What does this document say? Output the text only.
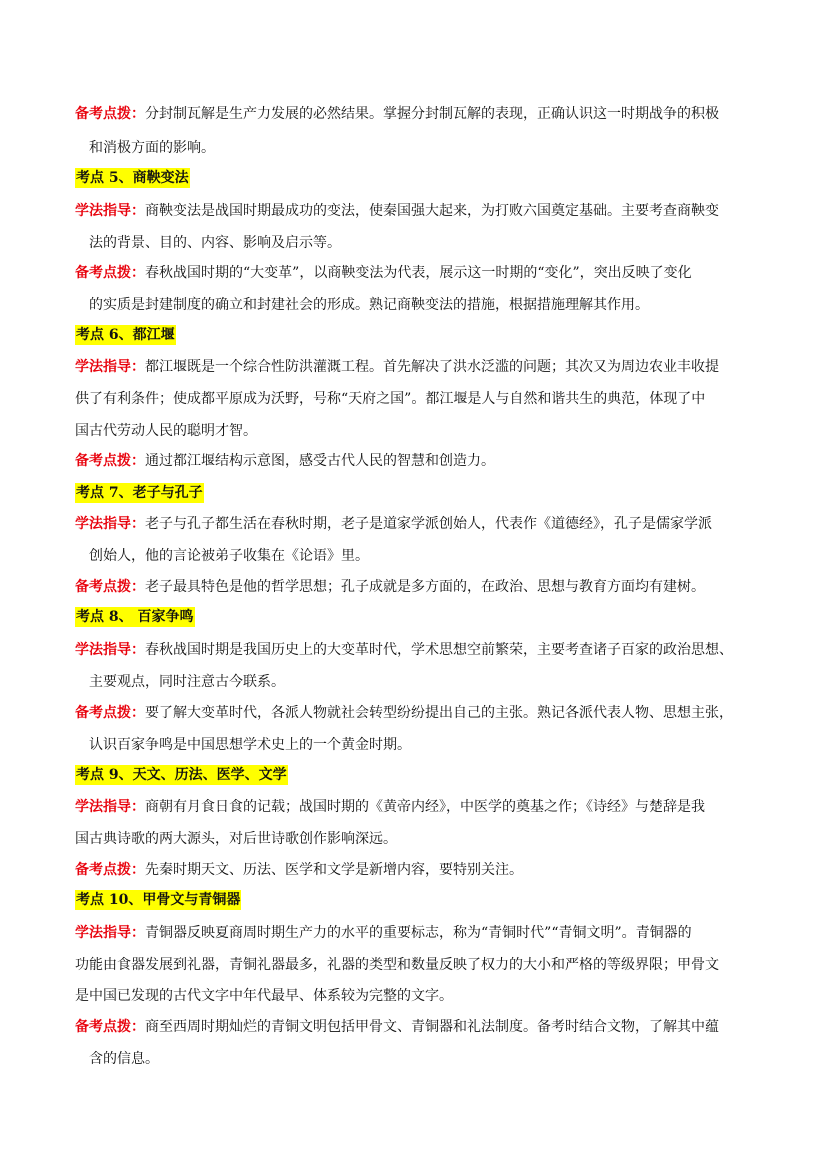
备考点拨：分封制瓦解是生产力发展的必然结果。掌握分封制瓦解的表现，正确认识这一时期战争的积极
和消极方面的影响。
考点 5、商鞅变法
学法指导：商鞅变法是战国时期最成功的变法，使秦国强大起来，为打败六国奠定基础。主要考查商鞅变
法的背景、目的、内容、影响及启示等。
备考点拨：春秋战国时期的“大变革”，以商鞅变法为代表，展示这一时期的“变化”，突出反映了变化
的实质是封建制度的确立和封建社会的形成。熟记商鞅变法的措施，根据措施理解其作用。
考点 6、都江堰
学法指导：都江堰既是一个综合性防洪灌溉工程。首先解决了洪水泛滥的问题；其次又为周边农业丰收提
供了有利条件；使成都平原成为沃野，号称“天府之国”。都江堰是人与自然和谐共生的典范，体现了中
国古代劳动人民的聪明才智。
备考点拨：通过都江堰结构示意图，感受古代人民的智慧和创造力。
考点 7、老子与孔子
学法指导：老子与孔子都生活在春秋时期，老子是道家学派创始人，代表作《道德经》，孔子是儒家学派
创始人，他的言论被弟子收集在《论语》里。
备考点拨：老子最具特色是他的哲学思想；孔子成就是多方面的，在政治、思想与教育方面均有建树。
考点 8、 百家争鸣
学法指导：春秋战国时期是我国历史上的大变革时代，学术思想空前繁荣，主要考查诸子百家的政治思想、
主要观点，同时注意古今联系。
备考点拨：要了解大变革时代，各派人物就社会转型纷纷提出自己的主张。熟记各派代表人物、思想主张，
认识百家争鸣是中国思想学术史上的一个黄金时期。
考点 9、天文、历法、医学、文学
学法指导：商朝有月食日食的记载；战国时期的《黄帝内经》，中医学的奠基之作；《诗经》与楚辞是我
国古典诗歌的两大源头，对后世诗歌创作影响深远。
备考点拨：先秦时期天文、历法、医学和文学是新增内容，要特别关注。
考点 10、甲骨文与青铜器
学法指导：青铜器反映夏商周时期生产力的水平的重要标志，称为“青铜时代”“青铜文明”。青铜器的
功能由食器发展到礼器，青铜礼器最多，礼器的类型和数量反映了权力的大小和严格的等级界限；甲骨文
是中国已发现的古代文字中年代最早、体系较为完整的文字。
备考点拨：商至西周时期灿烂的青铜文明包括甲骨文、青铜器和礼法制度。备考时结合文物，了解其中蕴
含的信息。
